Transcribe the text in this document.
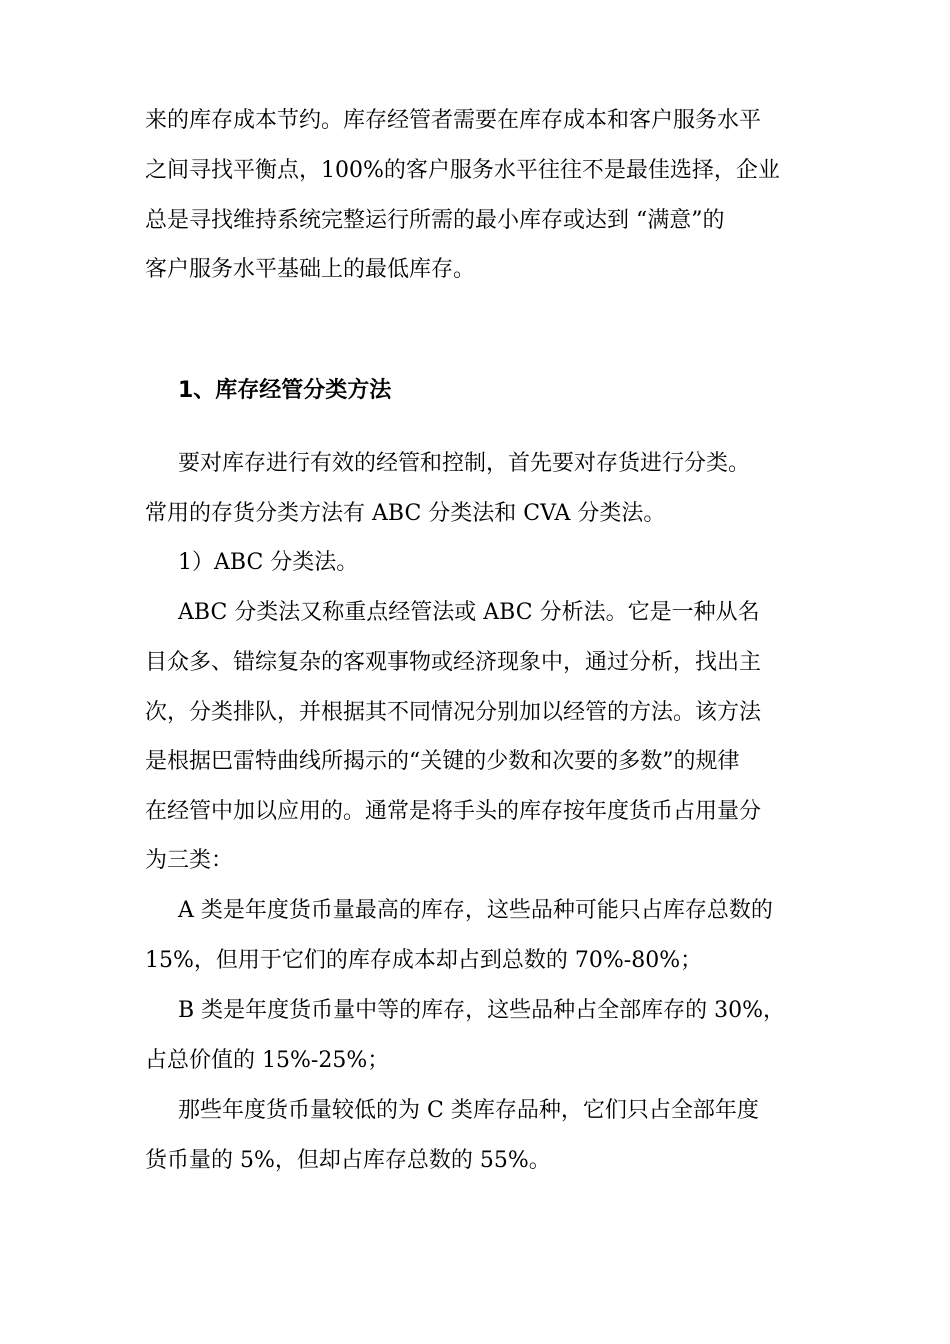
来的库存成本节约。库存经管者需要在库存成本和客户服务水平
之间寻找平衡点，100%的客户服务水平往往不是最佳选择，企业
总是寻找维持系统完整运行所需的最小库存或达到 “满意”的
客户服务水平基础上的最低库存。
1、库存经管分类方法
要对库存进行有效的经管和控制，首先要对存货进行分类。
常用的存货分类方法有 ABC 分类法和 CVA 分类法。
1）ABC 分类法。
ABC 分类法又称重点经管法或 ABC 分析法。它是一种从名
目众多、错综复杂的客观事物或经济现象中，通过分析，找出主
次，分类排队，并根据其不同情况分别加以经管的方法。该方法
是根据巴雷特曲线所揭示的“关键的少数和次要的多数”的规律
在经管中加以应用的。通常是将手头的库存按年度货币占用量分
为三类：
A 类是年度货币量最高的库存，这些品种可能只占库存总数的
15%，但用于它们的库存成本却占到总数的 70%-80%；
B 类是年度货币量中等的库存，这些品种占全部库存的 30%，
占总价值的 15%-25%；
那些年度货币量较低的为 C 类库存品种，它们只占全部年度
货币量的 5%，但却占库存总数的 55%。
